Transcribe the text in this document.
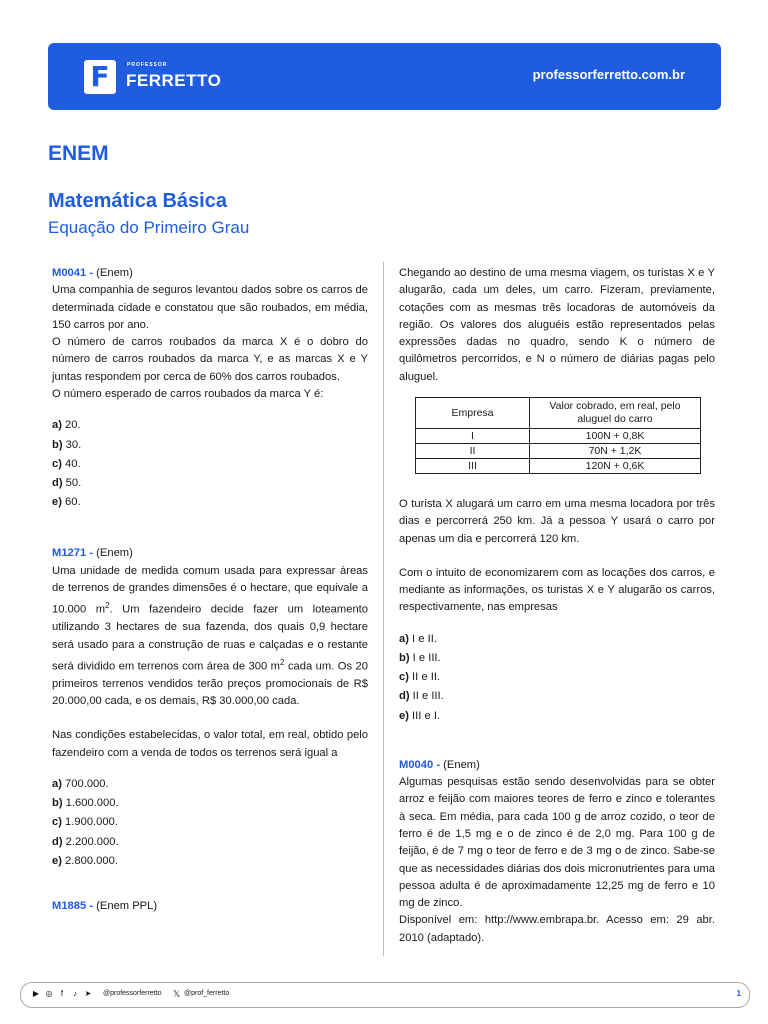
F	PROFESSOR
FERRETTO	professorferretto.com.br
ENEM
Matemática Básica
Equação do Primeiro Grau

M0041 - (Enem)

Uma companhia de seguros levantou dados sobre os carros de determinada cidade e constatou que são roubados, em média, 150 carros por ano.

O número de carros roubados da marca X é o dobro do número de carros roubados da marca Y, e as marcas X e Y juntas respondem por cerca de 60% dos carros roubados.

O número esperado de carros roubados da marca Y é:

a) 20.
b) 30.
c) 40.
d) 50.
e) 60.

M1271 - (Enem)

Uma unidade de medida comum usada para expressar áreas de terrenos de grandes dimensões é o hectare, que equivale a 10.000 $m^2$. Um fazendeiro decide fazer um loteamento utilizando 3 hectares de sua fazenda, dos quais 0,9 hectare será usado para a construção de ruas e calçadas e o restante será dividido em terrenos com área de 300 $m^2$ cada um. Os 20 primeiros terrenos vendidos terão preços promocionais de R$ 20.000,00 cada, e os demais, R$ 30.000,00 cada.

Nas condições estabelecidas, o valor total, em real, obtido pelo fazendeiro com a venda de todos os terrenos será igual a

a) 700.000.
b) 1.600.000.
c) 1.900.000.
d) 2.200.000.
e) 2.800.000.

M1885 - (Enem PPL)

Chegando ao destino de uma mesma viagem, os turistas X e Y alugarão, cada um deles, um carro. Fizeram, previamente, cotações com as mesmas três locadoras de automóveis da região. Os valores dos aluguéis estão representados pelas expressões dadas no quadro, sendo K o número de quilômetros percorridos, e N o número de diárias pagas pelo aluguel.

Empresa	Valor cobrado, em real, pelo aluguel do carro
I	100N + 0,8K
II	70N + 1,2K
III	120N + 0,6K

O turista X alugará um carro em uma mesma locadora por três dias e percorrerá 250 km. Já a pessoa Y usará o carro por apenas um dia e percorrerá 120 km.

Com o intuito de economizarem com as locações dos carros, e mediante as informações, os turistas X e Y alugarão os carros, respectivamente, nas empresas

a) I e II.
b) I e III.
c) II e II.
d) II e III.
e) III e I.

M0040 - (Enem)

Algumas pesquisas estão sendo desenvolvidas para se obter arroz e feijão com maiores teores de ferro e zinco e tolerantes à seca. Em média, para cada 100 g de arroz cozido, o teor de ferro é de 1,5 mg e o de zinco é de 2,0 mg. Para 100 g de feijão, é de 7 mg o teor de ferro e de 3 mg o de zinco. Sabe-se que as necessidades diárias dos dois micronutrientes para uma pessoa adulta é de aproximadamente 12,25 mg de ferro e 10 mg de zinco.

Disponível em: http://www.embrapa.br. Acesso em: 29 abr. 2010 (adaptado).

▶ ◎	f	♪ ➤ @professorferretto 𝕏 @prof_ferretto	1
